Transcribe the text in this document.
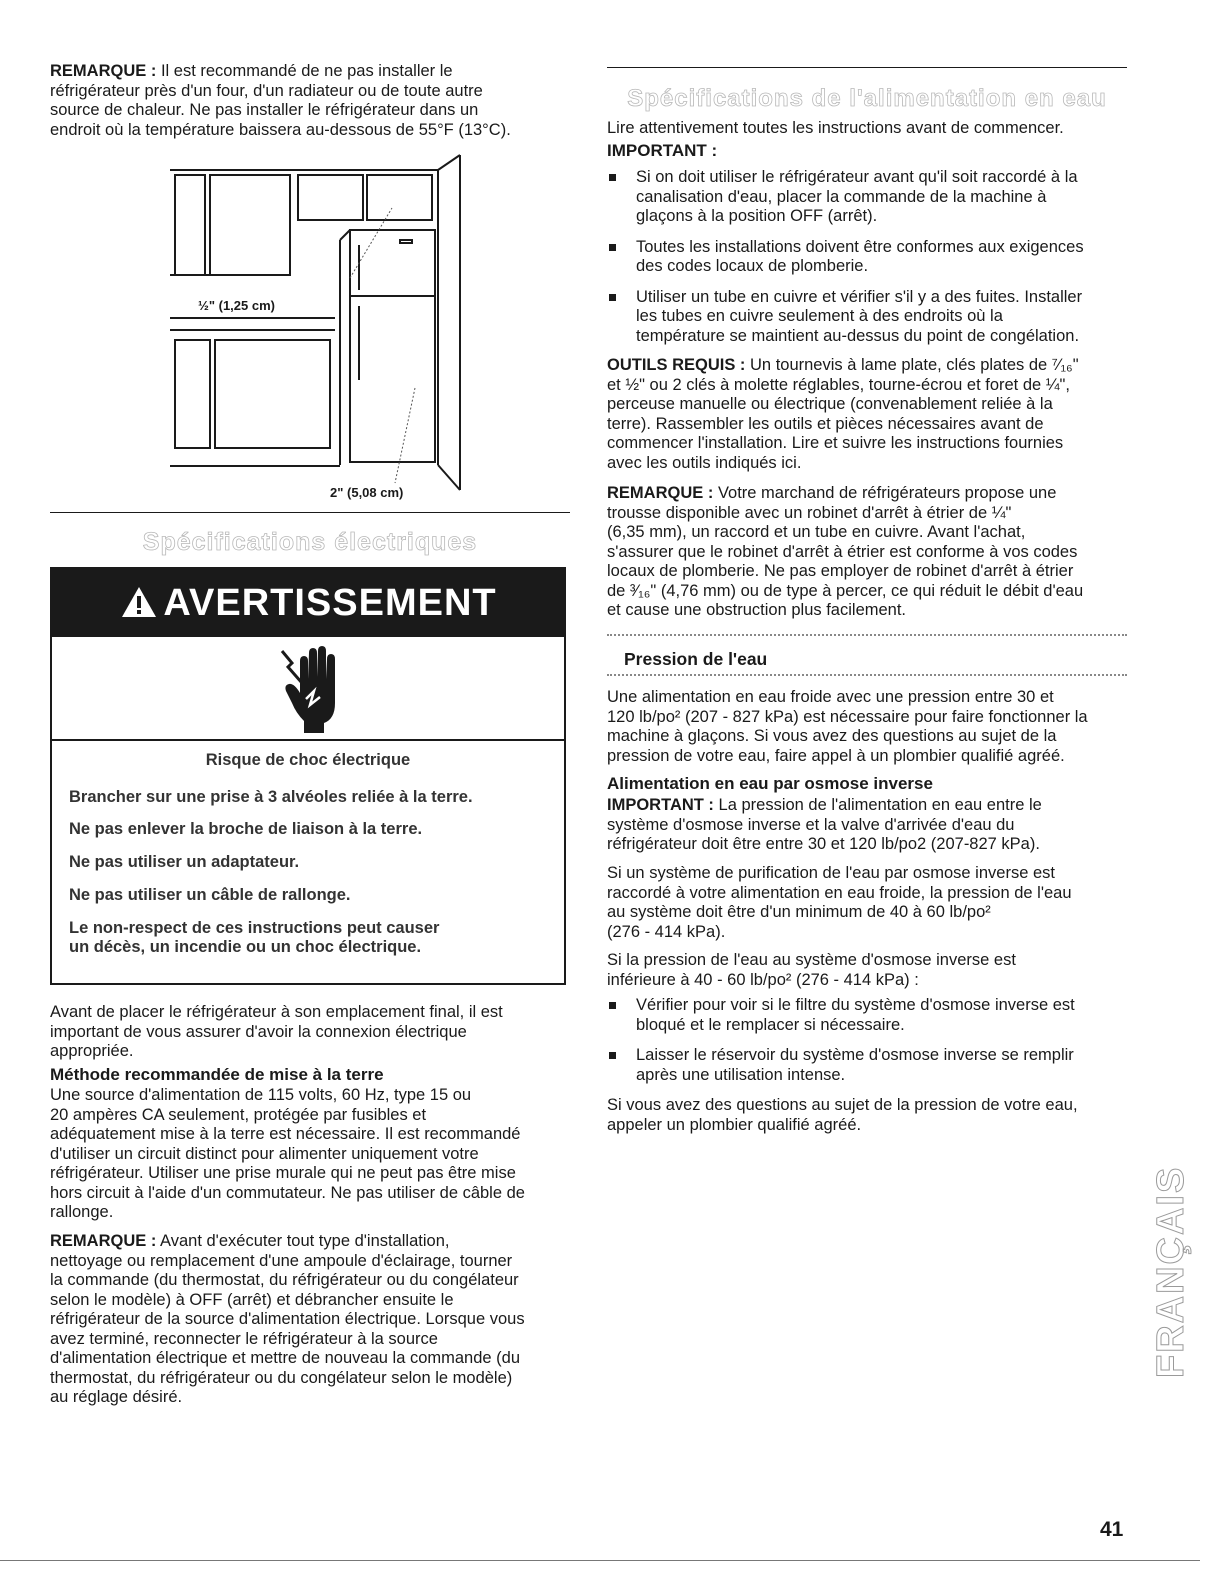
REMARQUE : Il est recommandé de ne pas installer le
réfrigérateur près d'un four, d'un radiateur ou de toute autre
source de chaleur. Ne pas installer le réfrigérateur dans un
endroit où la température baissera au-dessous de 55°F (13°C).

½" (1,25 cm)
2" (5,08 cm)
Spécifications électriques
AVERTISSEMENT
Risque de choc électrique
Brancher sur une prise à 3 alvéoles reliée à la terre.
Ne pas enlever la broche de liaison à la terre.
Ne pas utiliser un adaptateur.
Ne pas utiliser un câble de rallonge.
Le non-respect de ces instructions peut causer
un décès, un incendie ou un choc électrique.

Avant de placer le réfrigérateur à son emplacement final, il est
important de vous assurer d'avoir la connexion électrique
appropriée.

Méthode recommandée de mise à la terre

Une source d'alimentation de 115 volts, 60 Hz, type 15 ou
20 ampères CA seulement, protégée par fusibles et
adéquatement mise à la terre est nécessaire. Il est recommandé
d'utiliser un circuit distinct pour alimenter uniquement votre
réfrigérateur. Utiliser une prise murale qui ne peut pas être mise
hors circuit à l'aide d'un commutateur. Ne pas utiliser de câble de
rallonge.

REMARQUE : Avant d'exécuter tout type d'installation,
nettoyage ou remplacement d'une ampoule d'éclairage, tourner
la commande (du thermostat, du réfrigérateur ou du congélateur
selon le modèle) à OFF (arrêt) et débrancher ensuite le
réfrigérateur de la source d'alimentation électrique. Lorsque vous
avez terminé, reconnecter le réfrigérateur à la source
d'alimentation électrique et mettre de nouveau la commande (du
thermostat, du réfrigérateur ou du congélateur selon le modèle)
au réglage désiré.

Spécifications de l'alimentation en eau

Lire attentivement toutes les instructions avant de commencer.

IMPORTANT :
Si on doit utiliser le réfrigérateur avant qu'il soit raccordé à la
canalisation d'eau, placer la commande de la machine à
glaçons à la position OFF (arrêt).
Toutes les installations doivent être conformes aux exigences
des codes locaux de plomberie.
Utiliser un tube en cuivre et vérifier s'il y a des fuites. Installer
les tubes en cuivre seulement à des endroits où la
température se maintient au-dessus du point de congélation.

OUTILS REQUIS : Un tournevis à lame plate, clés plates de ⁷⁄₁₆"
et ½" ou 2 clés à molette réglables, tourne-écrou et foret de ¼",
perceuse manuelle ou électrique (convenablement reliée à la
terre). Rassembler les outils et pièces nécessaires avant de
commencer l'installation. Lire et suivre les instructions fournies
avec les outils indiqués ici.

REMARQUE : Votre marchand de réfrigérateurs propose une
trousse disponible avec un robinet d'arrêt à étrier de ¼"
(6,35 mm), un raccord et un tube en cuivre. Avant l'achat,
s'assurer que le robinet d'arrêt à étrier est conforme à vos codes
locaux de plomberie. Ne pas employer de robinet d'arrêt à étrier
de ³⁄₁₆" (4,76 mm) ou de type à percer, ce qui réduit le débit d'eau
et cause une obstruction plus facilement.

Pression de l'eau

Une alimentation en eau froide avec une pression entre 30 et
120 lb/po² (207 - 827 kPa) est nécessaire pour faire fonctionner la
machine à glaçons. Si vous avez des questions au sujet de la
pression de votre eau, faire appel à un plombier qualifié agréé.

Alimentation en eau par osmose inverse

IMPORTANT : La pression de l'alimentation en eau entre le
système d'osmose inverse et la valve d'arrivée d'eau du
réfrigérateur doit être entre 30 et 120 lb/po2 (207-827 kPa).

Si un système de purification de l'eau par osmose inverse est
raccordé à votre alimentation en eau froide, la pression de l'eau
au système doit être d'un minimum de 40 à 60 lb/po²
(276 - 414 kPa).

Si la pression de l'eau au système d'osmose inverse est
inférieure à 40 - 60 lb/po² (276 - 414 kPa) :

Vérifier pour voir si le filtre du système d'osmose inverse est
bloqué et le remplacer si nécessaire.
Laisser le réservoir du système d'osmose inverse se remplir
après une utilisation intense.

Si vous avez des questions au sujet de la pression de votre eau,
appeler un plombier qualifié agréé.

FRANÇAIS
41
